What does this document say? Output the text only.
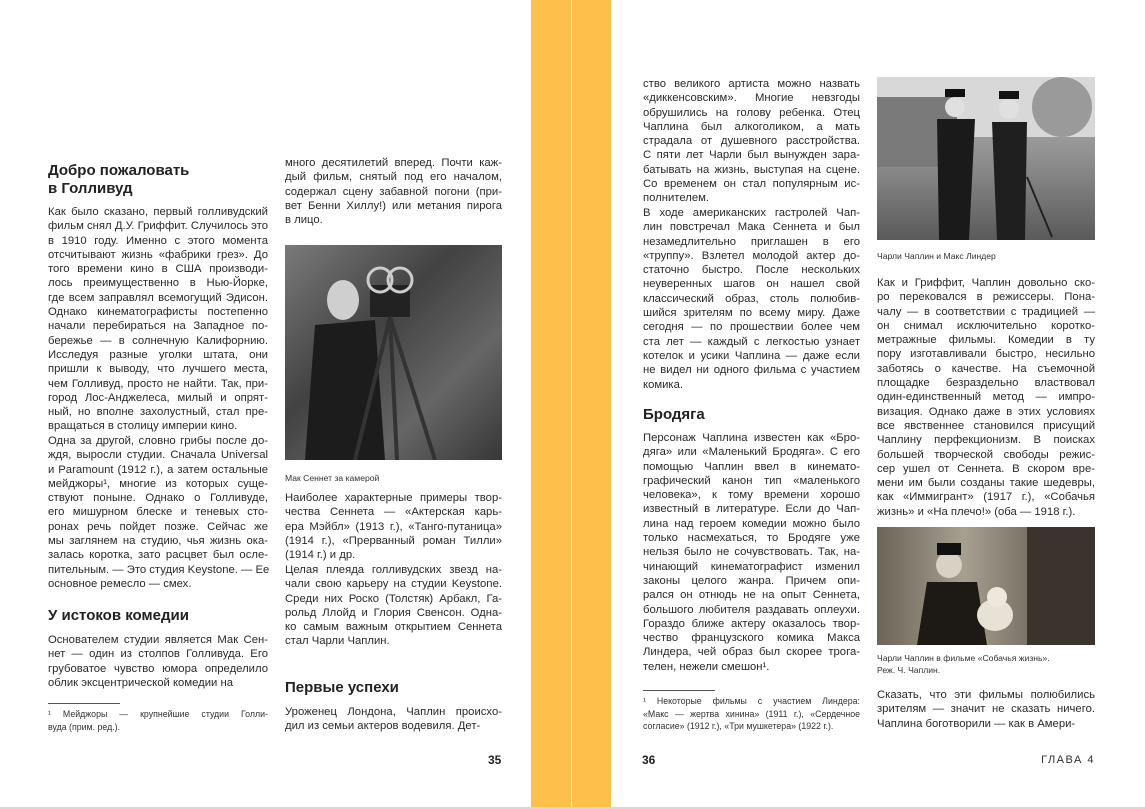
Добро пожаловать
в Голливуд
Как было сказано, первый голливудский
фильм снял Д.У. Гриффит. Случилось это
в 1910 году. Именно с этого момента
отсчитывают жизнь «фабрики грез». До
того времени кино в США производи-
лось преимущественно в Нью-Йорке,
где всем заправлял всемогущий Эдисон.
Однако кинематографисты постепенно
начали перебираться на Западное по-
бережье — в солнечную Калифорнию.
Исследуя разные уголки штата, они
пришли к выводу, что лучшего места,
чем Голливуд, просто не найти. Так, при-
город Лос-Анджелеса, милый и опрят-
ный, но вполне захолустный, стал пре-
вращаться в столицу империи кино.
Одна за другой, словно грибы после до-
ждя, выросли студии. Сначала Universal
и Paramount (1912 г.), а затем остальные
мейджоры¹, многие из которых суще-
ствуют поныне. Однако о Голливуде,
его мишурном блеске и теневых сто-
ронах речь пойдет позже. Сейчас же
мы заглянем на студию, чья жизнь ока-
залась коротка, зато расцвет был осле-
пительным. — Это студия Keystone. — Ее
основное ремесло — смех.
У истоков комедии
Основателем студии является Мак Сен-
нет — один из столпов Голливуда. Его
грубоватое чувство юмора определило
облик эксцентрической комедии на
¹ Мейджоры — крупнейшие студии Голли-
вуда (прим. ред.).
много десятилетий вперед. Почти каж-
дый фильм, снятый под его началом,
содержал сцену забавной погони (при-
вет Бенни Хиллу!) или метания пирога
в лицо.
Мак Сеннет за камерой
Наиболее характерные примеры твор-
чества Сеннета — «Актерская карь-
ера Мэйбл» (1913 г.), «Танго-путаница»
(1914 г.), «Прерванный роман Тилли»
(1914 г.) и др.
Целая плеяда голливудских звезд на-
чали свою карьеру на студии Keystone.
Среди них Роско (Толстяк) Арбакл, Га-
рольд Ллойд и Глория Свенсон. Одна-
ко самым важным открытием Сеннета
стал Чарли Чаплин.
Первые успехи
Уроженец Лондона, Чаплин происхо-
дил из семьи актеров водевиля. Дет-
35
ство великого артиста можно назвать
«диккенсовским». Многие невзгоды
обрушились на голову ребенка. Отец
Чаплина был алкоголиком, а мать
страдала от душевного расстройства.
С пяти лет Чарли был вынужден зара-
батывать на жизнь, выступая на сцене.
Со временем он стал популярным ис-
полнителем.
В ходе американских гастролей Чап-
лин повстречал Мака Сеннета и был
незамедлительно приглашен в его
«труппу». Взлетел молодой актер до-
статочно быстро. После нескольких
неуверенных шагов он нашел свой
классический образ, столь полюбив-
шийся зрителям по всему миру. Даже
сегодня — по прошествии более чем
ста лет — каждый с легкостью узнает
котелок и усики Чаплина — даже если
не видел ни одного фильма с участием
комика.
Бродяга
Персонаж Чаплина известен как «Бро-
дяга» или «Маленький Бродяга». С его
помощью Чаплин ввел в кинемато-
графический канон тип «маленького
человека», к тому времени хорошо
известный в литературе. Если до Чап-
лина над героем комедии можно было
только насмехаться, то Бродяге уже
нельзя было не сочувствовать. Так, на-
чинающий кинематографист изменил
законы целого жанра. Причем опи-
рался он отнюдь не на опыт Сеннета,
большого любителя раздавать оплеухи.
Гораздо ближе актеру оказалось твор-
чество французского комика Макса
Линдера, чей образ был скорее трога-
телен, нежели смешон¹.
¹ Некоторые фильмы с участием Линдера:
«Макс — жертва хинина» (1911 г.), «Сердечное
согласие» (1912 г.), «Три мушкетера» (1922 г.).
36
Чарли Чаплин и Макс Линдер
Как и Гриффит, Чаплин довольно ско-
ро перековался в режиссеры. Пона-
чалу — в соответствии с традицией —
он снимал исключительно коротко-
метражные фильмы. Комедии в ту
пору изготавливали быстро, несильно
заботясь о качестве. На съемочной
площадке безраздельно властвовал
один-единственный метод — импро-
визация. Однако даже в этих условиях
все явственнее становился присущий
Чаплину перфекционизм. В поисках
большей творческой свободы режис-
сер ушел от Сеннета. В скором вре-
мени им были созданы такие шедевры,
как «Иммигрант» (1917 г.), «Собачья
жизнь» и «На плечо!» (оба — 1918 г.).
Чарли Чаплин в фильме «Собачья жизнь».
Реж. Ч. Чаплин.
Сказать, что эти фильмы полюбились
зрителям — значит не сказать ничего.
Чаплина боготворили — как в Амери-
ГЛАВА 4
